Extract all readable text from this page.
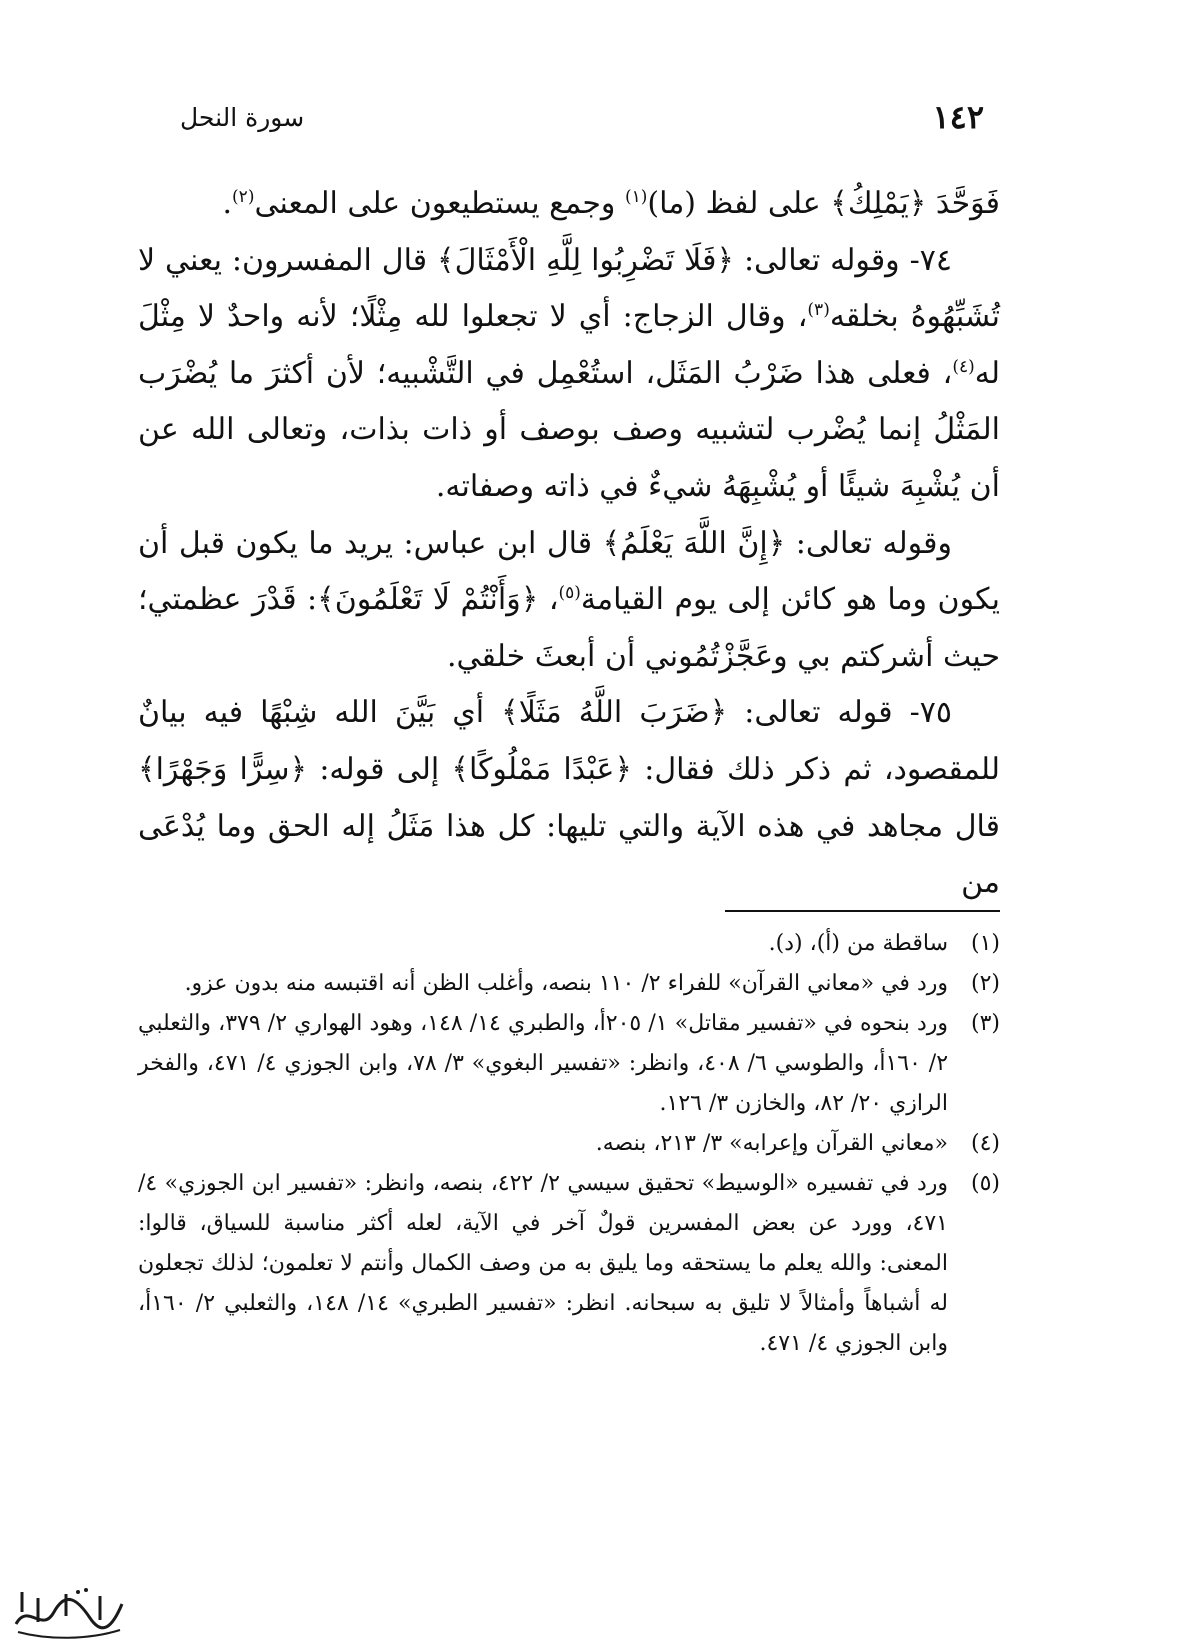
١٤٢
سورة النحل

فَوَحَّدَ ﴿يَمْلِكُ﴾ على لفظ (ما)$^{(١)}$ وجمع يستطيعون على المعنى$^{(٢)}$.

٧٤- وقوله تعالى: ﴿فَلَا تَضْرِبُوا لِلَّهِ الْأَمْثَالَ﴾ قال المفسرون: يعني لا تُشَبِّهُوهُ بخلقه$^{(٣)}$، وقال الزجاج: أي لا تجعلوا لله مِثْلًا؛ لأنه واحدٌ لا مِثْلَ له$^{(٤)}$، فعلى هذا ضَرْبُ المَثَل، استُعْمِل في التَّشْبيه؛ لأن أكثرَ ما يُضْرَب المَثْلُ إنما يُضْرب لتشبيه وصف بوصف أو ذات بذات، وتعالى الله عن أن يُشْبِهَ شيئًا أو يُشْبِهَهُ شيءٌ في ذاته وصفاته.

وقوله تعالى: ﴿إِنَّ اللَّهَ يَعْلَمُ﴾ قال ابن عباس: يريد ما يكون قبل أن يكون وما هو كائن إلى يوم القيامة$^{(٥)}$، ﴿وَأَنْتُمْ لَا تَعْلَمُونَ﴾: قَدْرَ عظمتي؛ حيث أشركتم بي وعَجَّزْتُمُوني أن أبعثَ خلقي.

٧٥- قوله تعالى: ﴿ضَرَبَ اللَّهُ مَثَلًا﴾ أي بَيَّنَ الله شِبْهًا فيه بيانٌ للمقصود، ثم ذكر ذلك فقال: ﴿عَبْدًا مَمْلُوكًا﴾ إلى قوله: ﴿سِرًّا وَجَهْرًا﴾ قال مجاهد في هذه الآية والتي تليها: كل هذا مَثَلُ إله الحق وما يُدْعَى من

(١)
ساقطة من (أ)، (د).
(٢)
ورد في «معاني القرآن» للفراء ٢/ ١١٠ بنصه، وأغلب الظن أنه اقتبسه منه بدون عزو.
(٣)
ورد بنحوه في «تفسير مقاتل» ١/ ٢٠٥أ، والطبري ١٤/ ١٤٨، وهود الهواري ٢/ ٣٧٩، والثعلبي ٢/ ١٦٠أ، والطوسي ٦/ ٤٠٨، وانظر: «تفسير البغوي» ٣/ ٧٨، وابن الجوزي ٤/ ٤٧١، والفخر الرازي ٢٠/ ٨٢، والخازن ٣/ ١٢٦.
(٤)
«معاني القرآن وإعرابه» ٣/ ٢١٣، بنصه.
(٥)
ورد في تفسيره «الوسيط» تحقيق سيسي ٢/ ٤٢٢، بنصه، وانظر: «تفسير ابن الجوزي» ٤/ ٤٧١، وورد عن بعض المفسرين قولٌ آخر في الآية، لعله أكثر مناسبة للسياق، قالوا: المعنى: والله يعلم ما يستحقه وما يليق به من وصف الكمال وأنتم لا تعلمون؛ لذلك تجعلون له أشباهاً وأمثالاً لا تليق به سبحانه. انظر: «تفسير الطبري» ١٤/ ١٤٨، والثعلبي ٢/ ١٦٠أ، وابن الجوزي ٤/ ٤٧١.
